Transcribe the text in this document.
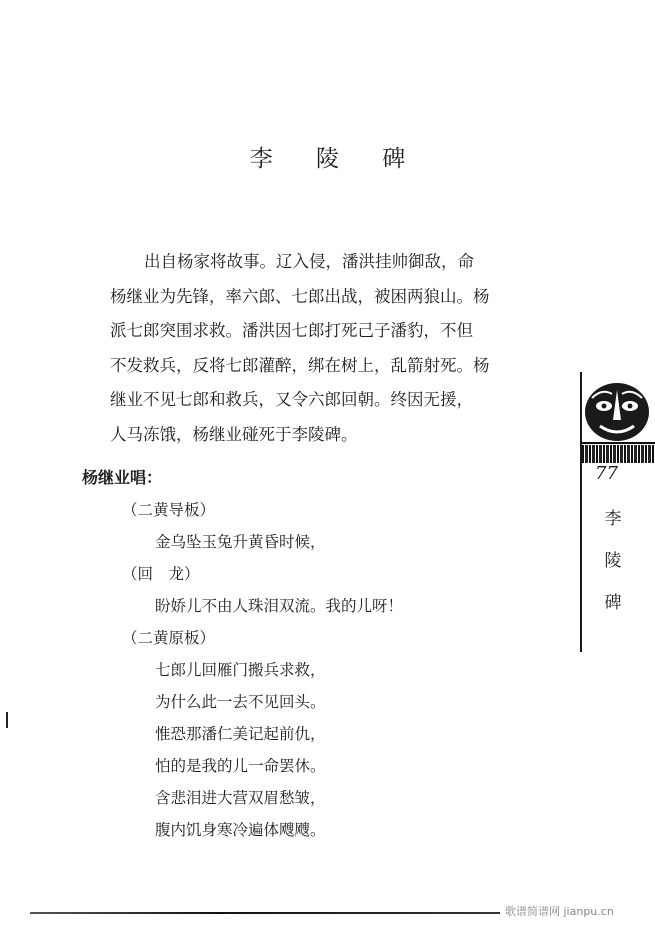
李 陵 碑

出自杨家将故事。辽入侵，潘洪挂帅御敌，命

杨继业为先锋，率六郎、七郎出战，被困两狼山。杨

派七郎突围求救。潘洪因七郎打死己子潘豹，不但

不发救兵，反将七郎灌醉，绑在树上，乱箭射死。杨

继业不见七郎和救兵，又令六郎回朝。终因无援，

人马冻饿，杨继业碰死于李陵碑。

杨继业唱：
（二黄导板）
金乌坠玉兔升黄昏时候，
（回　龙）
盼娇儿不由人珠泪双流。我的儿呀！
（二黄原板）
七郎儿回雁门搬兵求救，
为什么此一去不见回头。
惟恐那潘仁美记起前仇，
怕的是我的儿一命罢休。
含悲泪进大营双眉愁皱，
腹内饥身寒冷遍体飕飕。
77
李
陵
碑
歌谱简谱网 jianpu.cn
